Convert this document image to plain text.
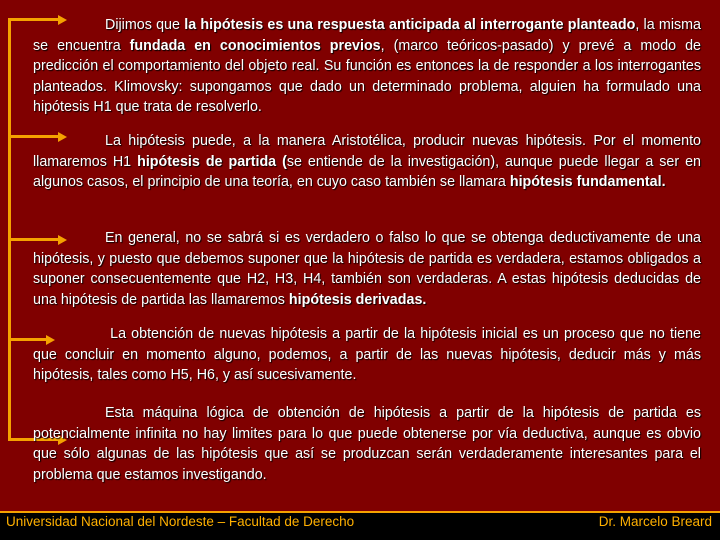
Dijimos que la hipótesis es una respuesta anticipada al interrogante planteado, la misma se encuentra fundada en conocimientos previos, (marco teóricos-pasado) y prevé a modo de predicción el comportamiento del objeto real. Su función es entonces la de responder a los interrogantes planteados. Klimovsky: supongamos que dado un determinado problema, alguien ha formulado una hipótesis H1 que trata de resolverlo.
La hipótesis puede, a la manera Aristotélica, producir nuevas hipótesis. Por el momento llamaremos H1 hipótesis de partida (se entiende de la investigación), aunque puede llegar a ser en algunos casos, el principio de una teoría, en cuyo caso también se llamara hipótesis fundamental.
En general, no se sabrá si es verdadero o falso lo que se obtenga deductivamente de una hipótesis, y puesto que debemos suponer que la hipótesis de partida es verdadera, estamos obligados a suponer consecuentemente que H2, H3, H4, también son verdaderas. A estas hipótesis deducidas de una hipótesis de partida las llamaremos hipótesis derivadas.
La obtención de nuevas hipótesis a partir de la hipótesis inicial es un proceso que no tiene que concluir en momento alguno, podemos, a partir de las nuevas hipótesis, deducir más y más hipótesis, tales como H5, H6, y así sucesivamente.
Esta máquina lógica de obtención de hipótesis a partir de la hipótesis de partida es potencialmente infinita no hay limites para lo que puede obtenerse por vía deductiva, aunque es obvio que sólo algunas de las hipótesis que así se produzcan serán verdaderamente interesantes para el problema que estamos investigando.
Universidad Nacional del Nordeste – Facultad de Derecho	Dr. Marcelo Breard
